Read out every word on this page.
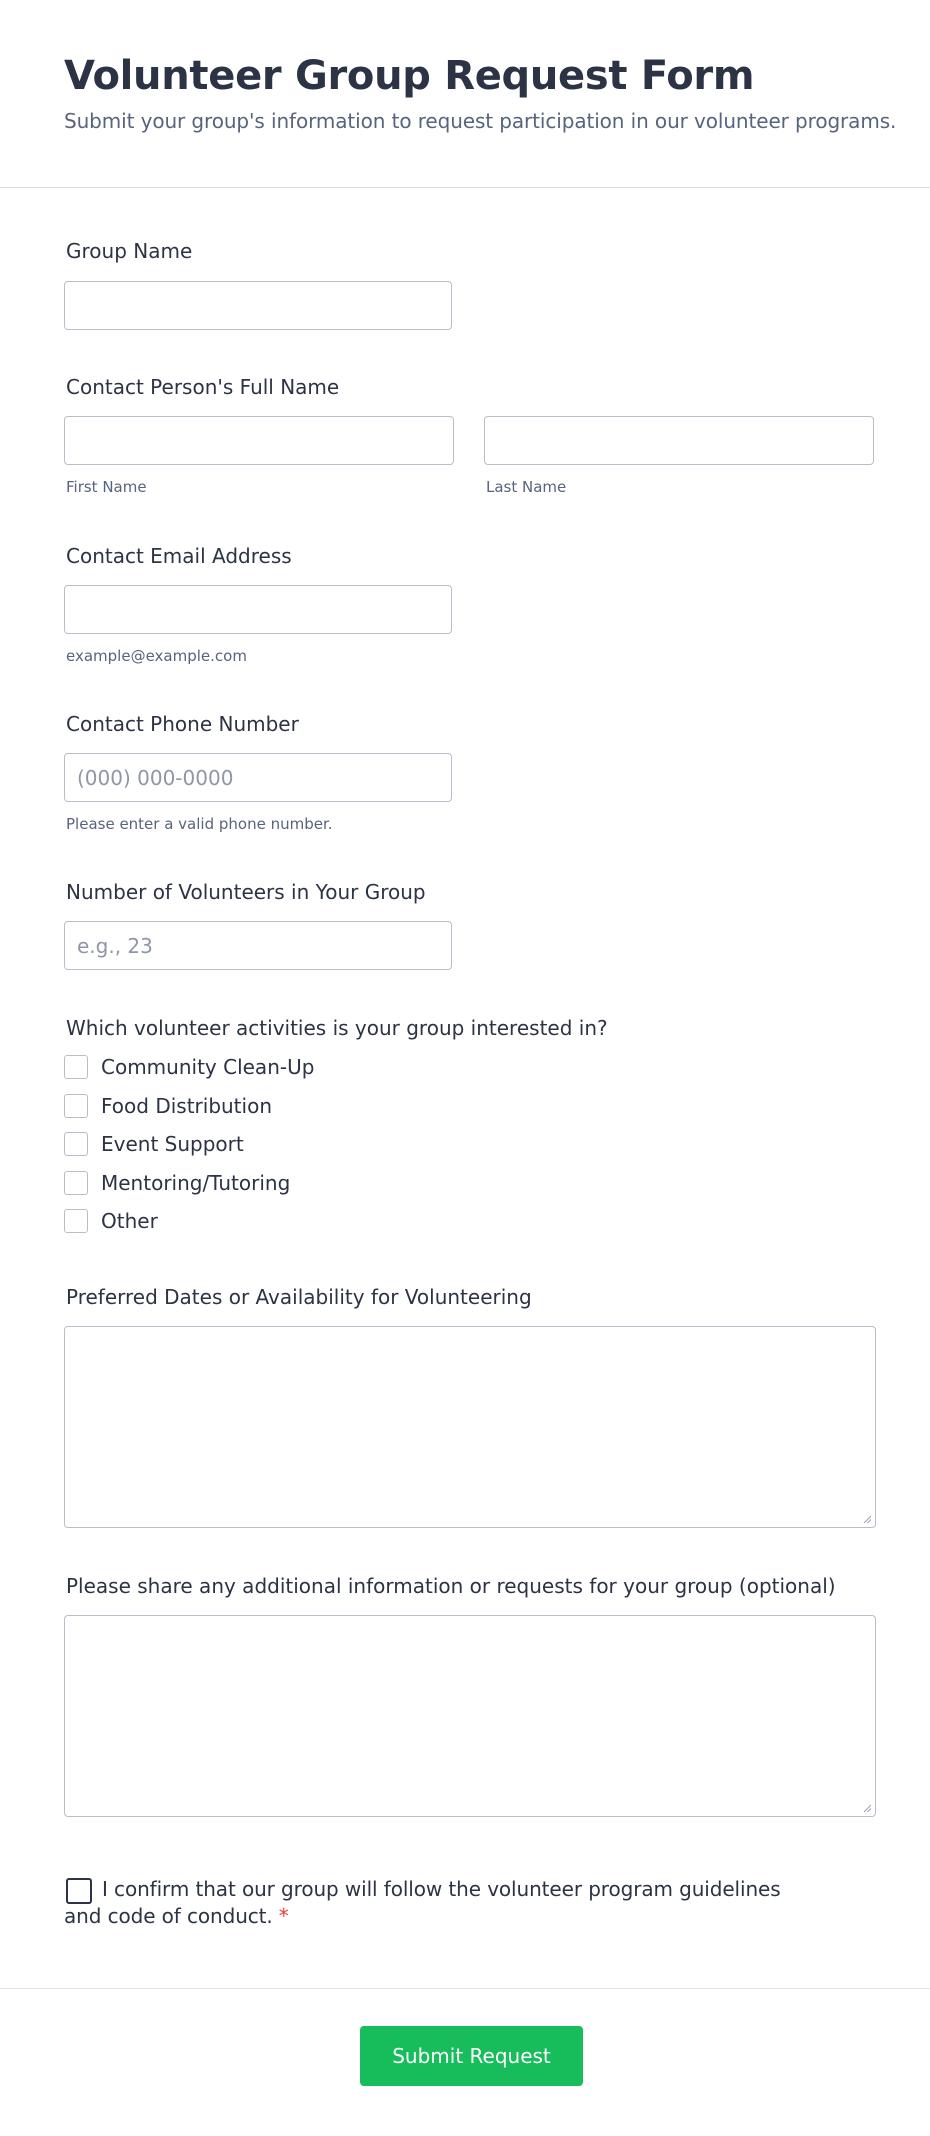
Volunteer Group Request Form
Submit your group's information to request participation in our volunteer programs.
Group Name
Contact Person's Full Name
First Name	Last Name
Contact Email Address
example@example.com
Contact Phone Number
(000) 000-0000
Please enter a valid phone number.
Number of Volunteers in Your Group
e.g., 23
Which volunteer activities is your group interested in?
Community Clean-Up
Food Distribution
Event Support
Mentoring/Tutoring
Other
Preferred Dates or Availability for Volunteering
Please share any additional information or requests for your group (optional)
I confirm that our group will follow the volunteer program guidelines and code of conduct. *
Submit Request
